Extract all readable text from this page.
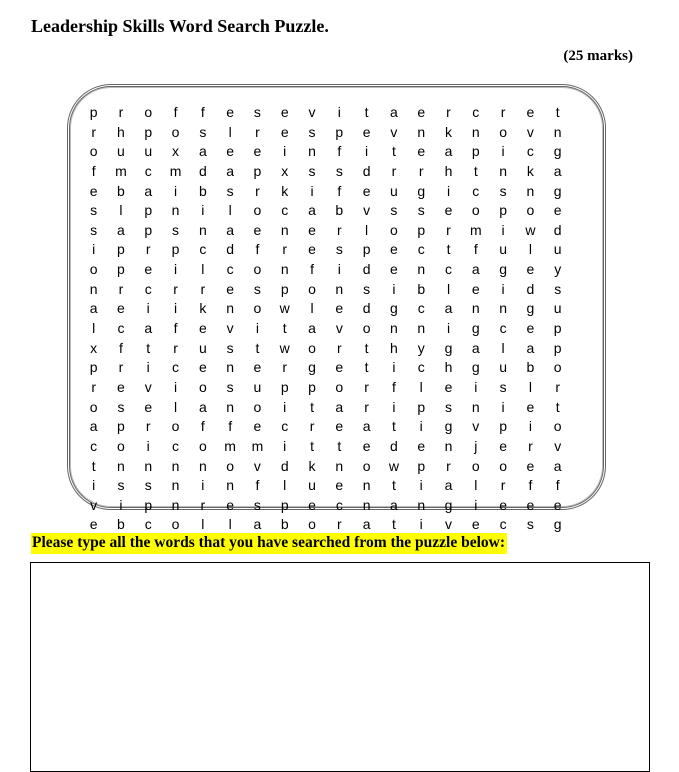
Leadership Skills Word Search Puzzle.
(25 marks)
p	r	o	f	f	e	s	e	v	i	t	a	e	r	c	r	e	t
r	h	p	o	s	l	r	e	s	p	e	v	n	k	n	o	v	n
o	u	u	x	a	e	e	i	n	f	i	t	e	a	p	i	c	g
f	m	c	m	d	a	p	x	s	s	d	r	r	h	t	n	k	a
e	b	a	i	b	s	r	k	i	f	e	u	g	i	c	s	n	g
s	l	p	n	i	l	o	c	a	b	v	s	s	e	o	p	o	e
s	a	p	s	n	a	e	n	e	r	l	o	p	r	m	i	w	d
i	p	r	p	c	d	f	r	e	s	p	e	c	t	f	u	l	u
o	p	e	i	l	c	o	n	f	i	d	e	n	c	a	g	e	y
n	r	c	r	r	e	s	p	o	n	s	i	b	l	e	i	d	s
a	e	i	i	k	n	o	w	l	e	d	g	c	a	n	n	g	u
l	c	a	f	e	v	i	t	a	v	o	n	n	i	g	c	e	p
x	f	t	r	u	s	t	w	o	r	t	h	y	g	a	l	a	p
p	r	i	c	e	n	e	r	g	e	t	i	c	h	g	u	b	o
r	e	v	i	o	s	u	p	p	o	r	f	l	e	i	s	l	r
o	s	e	l	a	n	o	i	t	a	r	i	p	s	n	i	e	t
a	p	r	o	f	f	e	c	r	e	a	t	i	g	v	p	i	o
c	o	i	c	o	m	m	i	t	t	e	d	e	n	j	e	r	v
t	n	n	n	n	o	v	d	k	n	o	w	p	r	o	o	e	a
i	s	s	n	i	n	f	l	u	e	n	t	i	a	l	r	f	f
v	i	p	n	r	e	s	p	e	c	n	a	n	g	i	e	e	e
e	b	c	o	l	l	a	b	o	r	a	t	i	v	e	c	s	g
Please type all the words that you have searched from the puzzle below:
